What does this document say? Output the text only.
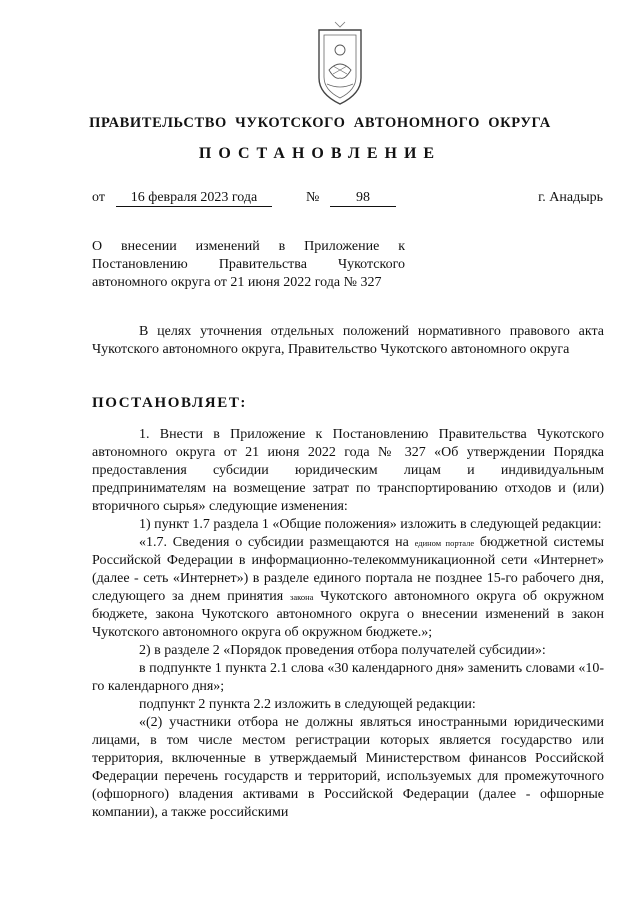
ПРАВИТЕЛЬСТВО ЧУКОТСКОГО АВТОНОМНОГО ОКРУГА
ПОСТАНОВЛЕНИЕ
от	16 февраля 2023 года	№	98	г. Анадырь
О внесении изменений в Приложение к Постановлению Правительства Чукотского автономного округа от 21 июня 2022 года № 327

В целях уточнения отдельных положений нормативного правового акта Чукотского автономного округа, Правительство Чукотского автономного округа

ПОСТАНОВЛЯЕТ:

1. Внести в Приложение к Постановлению Правительства Чукотского автономного округа от 21 июня 2022 года № 327 «Об утверждении Порядка предоставления субсидии юридическим лицам и индивидуальным предпринимателям на возмещение затрат по транспортированию отходов и (или) вторичного сырья» следующие изменения:

1) пункт 1.7 раздела 1 «Общие положения» изложить в следующей редакции:

«1.7. Сведения о субсидии размещаются на едином портале бюджетной системы Российской Федерации в информационно-телекоммуникационной сети «Интернет» (далее - сеть «Интернет») в разделе единого портала не позднее 15-го рабочего дня, следующего за днем принятия закона Чукотского автономного округа об окружном бюджете, закона Чукотского автономного округа о внесении изменений в закон Чукотского автономного округа об окружном бюджете.»;

2) в разделе 2 «Порядок проведения отбора получателей субсидии»:

в подпункте 1 пункта 2.1 слова «30 календарного дня» заменить словами «10-го календарного дня»;

подпункт 2 пункта 2.2 изложить в следующей редакции:

«(2) участники отбора не должны являться иностранными юридическими лицами, в том числе местом регистрации которых является государство или территория, включенные в утверждаемый Министерством финансов Российской Федерации перечень государств и территорий, используемых для промежуточного (офшорного) владения активами в Российской Федерации (далее - офшорные компании), а также российскими
